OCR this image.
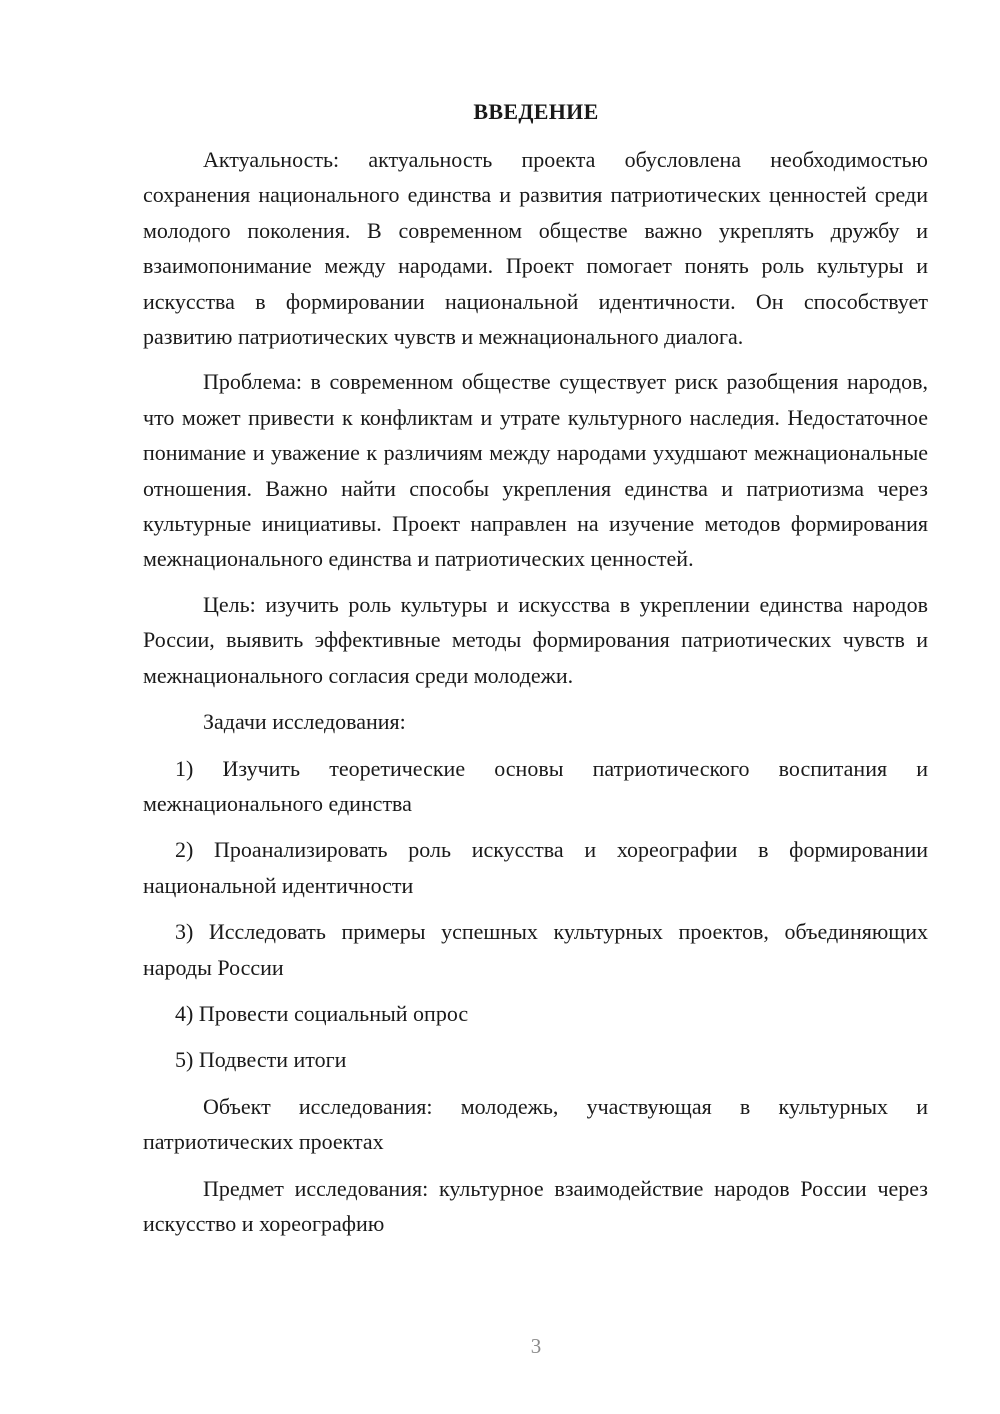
ВВЕДЕНИЕ

Актуальность: актуальность проекта обусловлена необходимостью сохранения национального единства и развития патриотических ценностей среди молодого поколения. В современном обществе важно укреплять дружбу и взаимопонимание между народами. Проект помогает понять роль культуры и искусства в формировании национальной идентичности. Он способствует развитию патриотических чувств и межнационального диалога.

Проблема: в современном обществе существует риск разобщения народов, что может привести к конфликтам и утрате культурного наследия. Недостаточное понимание и уважение к различиям между народами ухудшают межнациональные отношения. Важно найти способы укрепления единства и патриотизма через культурные инициативы. Проект направлен на изучение методов формирования межнационального единства и патриотических ценностей.

Цель: изучить роль культуры и искусства в укреплении единства народов России, выявить эффективные методы формирования патриотических чувств и межнационального согласия среди молодежи.

Задачи исследования:

1) Изучить теоретические основы патриотического воспитания и межнационального единства

2) Проанализировать роль искусства и хореографии в формировании национальной идентичности

3) Исследовать примеры успешных культурных проектов, объединяющих народы России

4) Провести социальный опрос

5) Подвести итоги

Объект исследования: молодежь, участвующая в культурных и патриотических проектах

Предмет исследования: культурное взаимодействие народов России через искусство и хореографию

3
